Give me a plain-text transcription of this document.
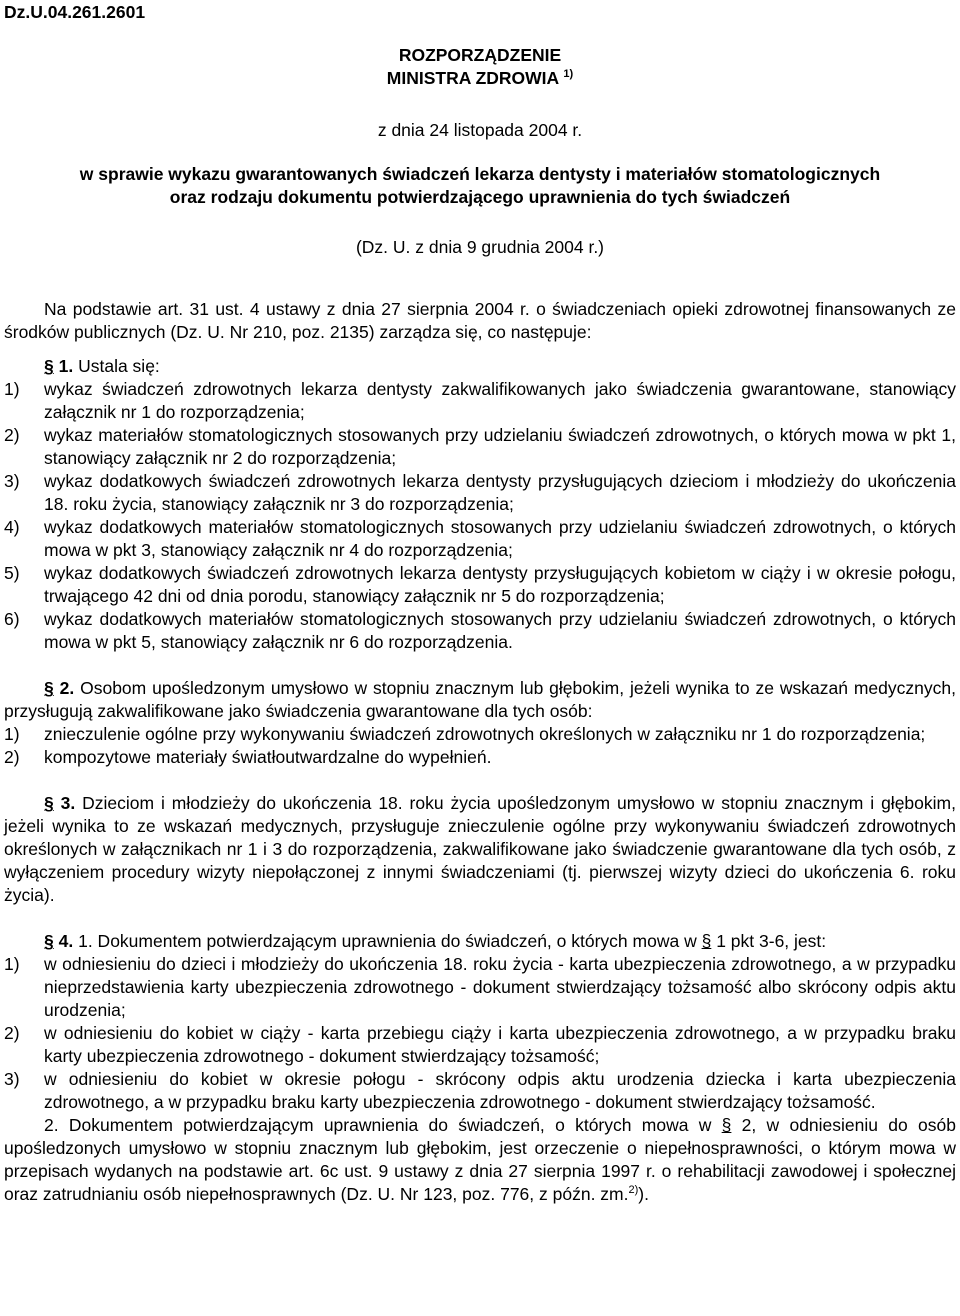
Dz.U.04.261.2601
ROZPORZĄDZENIE
MINISTRA ZDROWIA $^{1)}$
z dnia 24 listopada 2004 r.
w sprawie wykazu gwarantowanych świadczeń lekarza dentysty i materiałów stomatologicznych
oraz rodzaju dokumentu potwierdzającego uprawnienia do tych świadczeń
(Dz. U. z dnia 9 grudnia 2004 r.)

Na podstawie art. 31 ust. 4 ustawy z dnia 27 sierpnia 2004 r. o świadczeniach opieki zdrowotnej finansowanych ze środków publicznych (Dz. U. Nr 210, poz. 2135) zarządza się, co następuje:

§ 1. Ustala się:

1) wykaz świadczeń zdrowotnych lekarza dentysty zakwalifikowanych jako świadczenia gwarantowane, stanowiący załącznik nr 1 do rozporządzenia;

2) wykaz materiałów stomatologicznych stosowanych przy udzielaniu świadczeń zdrowotnych, o których mowa w pkt 1, stanowiący załącznik nr 2 do rozporządzenia;

3) wykaz dodatkowych świadczeń zdrowotnych lekarza dentysty przysługujących dzieciom i młodzieży do ukończenia 18. roku życia, stanowiący załącznik nr 3 do rozporządzenia;

4) wykaz dodatkowych materiałów stomatologicznych stosowanych przy udzielaniu świadczeń zdrowotnych, o których mowa w pkt 3, stanowiący załącznik nr 4 do rozporządzenia;

5) wykaz dodatkowych świadczeń zdrowotnych lekarza dentysty przysługujących kobietom w ciąży i w okresie połogu, trwającego 42 dni od dnia porodu, stanowiący załącznik nr 5 do rozporządzenia;

6) wykaz dodatkowych materiałów stomatologicznych stosowanych przy udzielaniu świadczeń zdrowotnych, o których mowa w pkt 5, stanowiący załącznik nr 6 do rozporządzenia.

§ 2. Osobom upośledzonym umysłowo w stopniu znacznym lub głębokim, jeżeli wynika to ze wskazań medycznych, przysługują zakwalifikowane jako świadczenia gwarantowane dla tych osób:

1) znieczulenie ogólne przy wykonywaniu świadczeń zdrowotnych określonych w załączniku nr 1 do rozporządzenia;

2) kompozytowe materiały światłoutwardzalne do wypełnień.

§ 3. Dzieciom i młodzieży do ukończenia 18. roku życia upośledzonym umysłowo w stopniu znacznym i głębokim, jeżeli wynika to ze wskazań medycznych, przysługuje znieczulenie ogólne przy wykonywaniu świadczeń zdrowotnych określonych w załącznikach nr 1 i 3 do rozporządzenia, zakwalifikowane jako świadczenie gwarantowane dla tych osób, z wyłączeniem procedury wizyty niepołączonej z innymi świadczeniami (tj. pierwszej wizyty dzieci do ukończenia 6. roku życia).

§ 4. 1. Dokumentem potwierdzającym uprawnienia do świadczeń, o których mowa w § 1 pkt 3-6, jest:

1) w odniesieniu do dzieci i młodzieży do ukończenia 18. roku życia - karta ubezpieczenia zdrowotnego, a w przypadku nieprzedstawienia karty ubezpieczenia zdrowotnego - dokument stwierdzający tożsamość albo skrócony odpis aktu urodzenia;

2) w odniesieniu do kobiet w ciąży - karta przebiegu ciąży i karta ubezpieczenia zdrowotnego, a w przypadku braku karty ubezpieczenia zdrowotnego - dokument stwierdzający tożsamość;

3) w odniesieniu do kobiet w okresie połogu - skrócony odpis aktu urodzenia dziecka i karta ubezpieczenia zdrowotnego, a w przypadku braku karty ubezpieczenia zdrowotnego - dokument stwierdzający tożsamość.

2. Dokumentem potwierdzającym uprawnienia do świadczeń, o których mowa w § 2, w odniesieniu do osób upośledzonych umysłowo w stopniu znacznym lub głębokim, jest orzeczenie o niepełnosprawności, o którym mowa w przepisach wydanych na podstawie art. 6c ust. 9 ustawy z dnia 27 sierpnia 1997 r. o rehabilitacji zawodowej i społecznej oraz zatrudnianiu osób niepełnosprawnych (Dz. U. Nr 123, poz. 776, z późn. zm.$^{2)}$).
